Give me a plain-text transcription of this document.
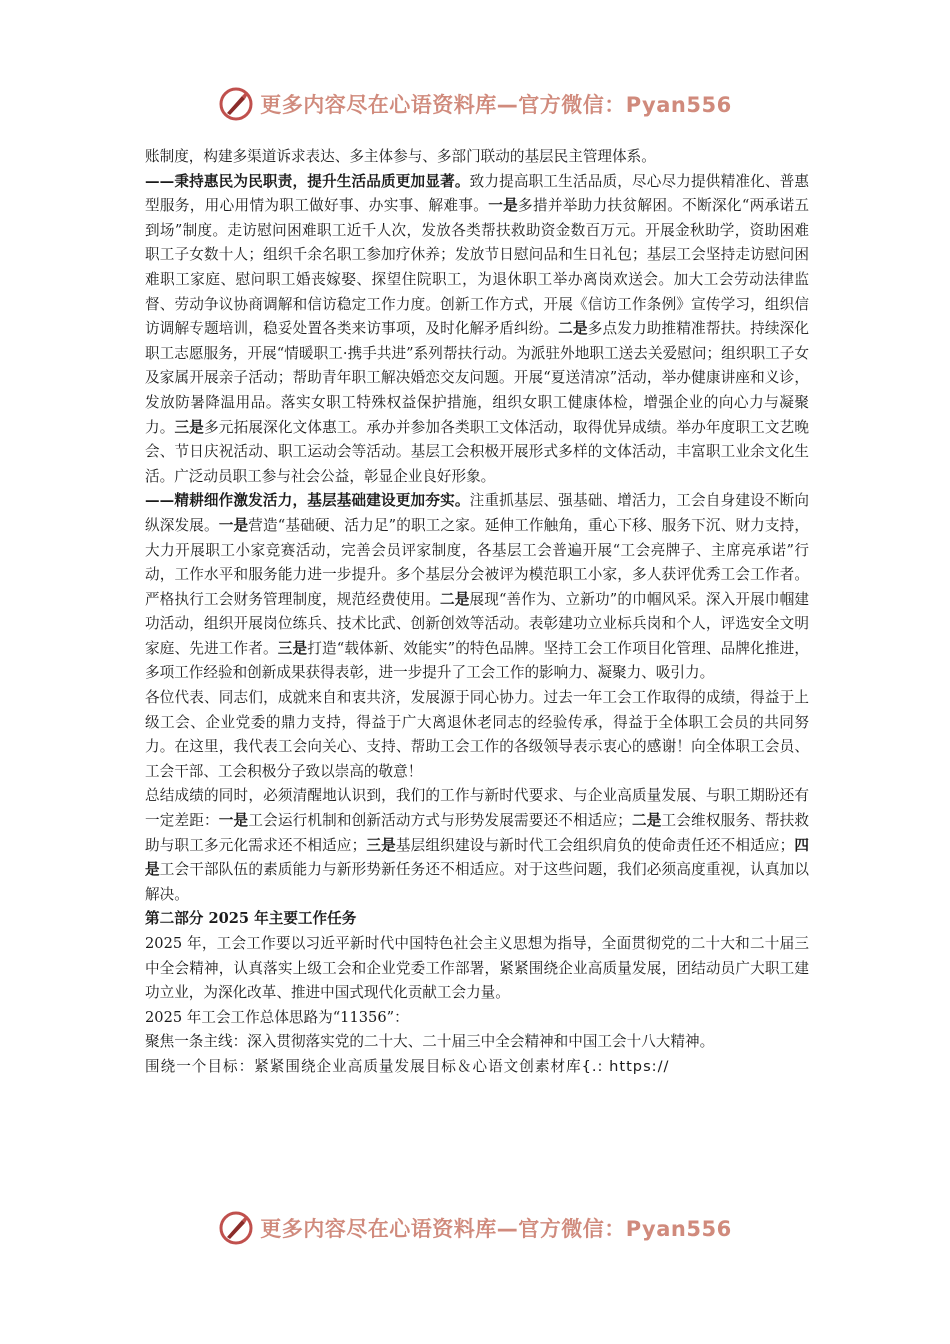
更多内容尽在心语资料库—官方微信：Pyan556

账制度，构建多渠道诉求表达、多主体参与、多部门联动的基层民主管理体系。

——秉持惠民为民职责，提升生活品质更加显著。致力提高职工生活品质，尽心尽力提供精准化、普惠型服务，用心用情为职工做好事、办实事、解难事。一是多措并举助力扶贫解困。不断深化“两承诺五到场”制度。走访慰问困难职工近千人次，发放各类帮扶救助资金数百万元。开展金秋助学，资助困难职工子女数十人；组织千余名职工参加疗休养；发放节日慰问品和生日礼包；基层工会坚持走访慰问困难职工家庭、慰问职工婚丧嫁娶、探望住院职工，为退休职工举办离岗欢送会。加大工会劳动法律监督、劳动争议协商调解和信访稳定工作力度。创新工作方式，开展《信访工作条例》宣传学习，组织信访调解专题培训，稳妥处置各类来访事项，及时化解矛盾纠纷。二是多点发力助推精准帮扶。持续深化职工志愿服务，开展“情暖职工·携手共进”系列帮扶行动。为派驻外地职工送去关爱慰问；组织职工子女及家属开展亲子活动；帮助青年职工解决婚恋交友问题。开展“夏送清凉”活动，举办健康讲座和义诊，发放防暑降温用品。落实女职工特殊权益保护措施，组织女职工健康体检，增强企业的向心力与凝聚力。三是多元拓展深化文体惠工。承办并参加各类职工文体活动，取得优异成绩。举办年度职工文艺晚会、节日庆祝活动、职工运动会等活动。基层工会积极开展形式多样的文体活动，丰富职工业余文化生活。广泛动员职工参与社会公益，彰显企业良好形象。

——精耕细作激发活力，基层基础建设更加夯实。注重抓基层、强基础、增活力，工会自身建设不断向纵深发展。一是营造“基础硬、活力足”的职工之家。延伸工作触角，重心下移、服务下沉、财力支持，大力开展职工小家竞赛活动，完善会员评家制度，各基层工会普遍开展“工会亮牌子、主席亮承诺”行动，工作水平和服务能力进一步提升。多个基层分会被评为模范职工小家，多人获评优秀工会工作者。严格执行工会财务管理制度，规范经费使用。二是展现“善作为、立新功”的巾帼风采。深入开展巾帼建功活动，组织开展岗位练兵、技术比武、创新创效等活动。表彰建功立业标兵岗和个人，评选安全文明家庭、先进工作者。三是打造“载体新、效能实”的特色品牌。坚持工会工作项目化管理、品牌化推进，多项工作经验和创新成果获得表彰，进一步提升了工会工作的影响力、凝聚力、吸引力。

各位代表、同志们，成就来自和衷共济，发展源于同心协力。过去一年工会工作取得的成绩，得益于上级工会、企业党委的鼎力支持，得益于广大离退休老同志的经验传承，得益于全体职工会员的共同努力。在这里，我代表工会向关心、支持、帮助工会工作的各级领导表示衷心的感谢！向全体职工会员、工会干部、工会积极分子致以崇高的敬意！

总结成绩的同时，必须清醒地认识到，我们的工作与新时代要求、与企业高质量发展、与职工期盼还有一定差距：一是工会运行机制和创新活动方式与形势发展需要还不相适应；二是工会维权服务、帮扶救助与职工多元化需求还不相适应；三是基层组织建设与新时代工会组织肩负的使命责任还不相适应；四是工会干部队伍的素质能力与新形势新任务还不相适应。对于这些问题，我们必须高度重视，认真加以解决。

第二部分 2025 年主要工作任务

2025 年，工会工作要以习近平新时代中国特色社会主义思想为指导，全面贯彻党的二十大和二十届三中全会精神，认真落实上级工会和企业党委工作部署，紧紧围绕企业高质量发展，团结动员广大职工建功立业，为深化改革、推进中国式现代化贡献工会力量。

2025 年工会工作总体思路为“11356”：

聚焦一条主线：深入贯彻落实党的二十大、二十届三中全会精神和中国工会十八大精神。

围绕一个目标：紧紧围绕企业高质量发展目标＆心语文创素材库{.: https://

更多内容尽在心语资料库—官方微信：Pyan556
